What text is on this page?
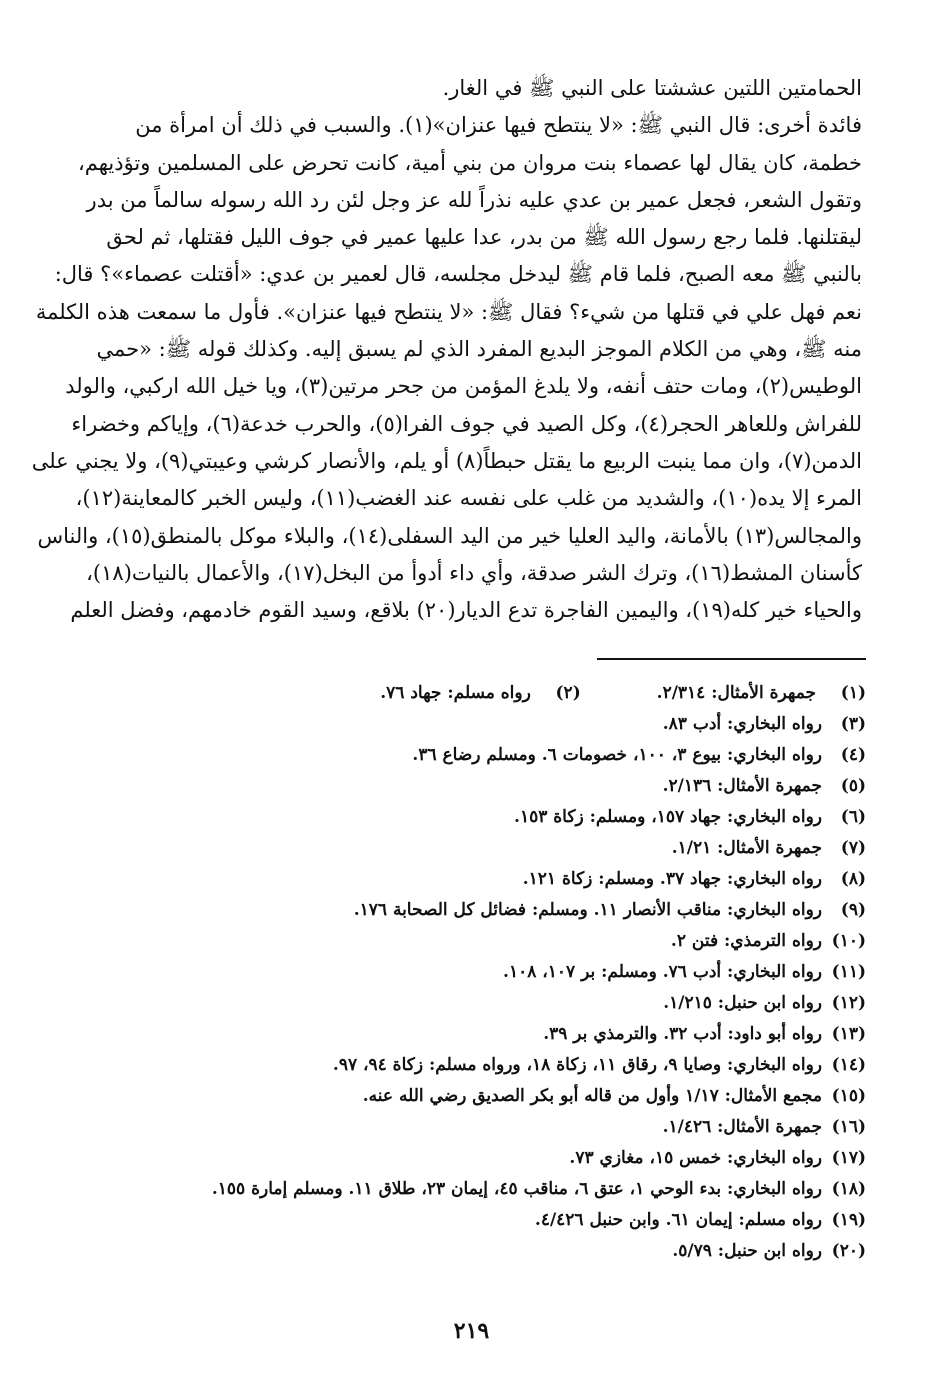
الحمامتين اللتين عششتا على النبي ﷺ في الغار.
فائدة أخرى: قال النبي ﷺ: «لا ينتطح فيها عنزان»(١). والسبب في ذلك أن امرأة من
خطمة، كان يقال لها عصماء بنت مروان من بني أمية، كانت تحرض على المسلمين وتؤذيهم،
وتقول الشعر، فجعل عمير بن عدي عليه نذراً لله عز وجل لئن رد الله رسوله سالماً من بدر
ليقتلنها. فلما رجع رسول الله ﷺ من بدر، عدا عليها عمير في جوف الليل فقتلها، ثم لحق
بالنبي ﷺ معه الصبح، فلما قام ﷺ ليدخل مجلسه، قال لعمير بن عدي: «أقتلت عصماء»؟ قال:
نعم فهل علي في قتلها من شيء؟ فقال ﷺ: «لا ينتطح فيها عنزان». فأول ما سمعت هذه الكلمة
منه ﷺ، وهي من الكلام الموجز البديع المفرد الذي لم يسبق إليه. وكذلك قوله ﷺ: «حمي
الوطيس(٢)، ومات حتف أنفه، ولا يلدغ المؤمن من جحر مرتين(٣)، ويا خيل الله اركبي، والولد
للفراش وللعاهر الحجر(٤)، وكل الصيد في جوف الفرا(٥)، والحرب خدعة(٦)، وإياكم وخضراء
الدمن(٧)، وان مما ينبت الربيع ما يقتل حبطاً(٨) أو يلم، والأنصار كرشي وعيبتي(٩)، ولا يجني على
المرء إلا يده(١٠)، والشديد من غلب على نفسه عند الغضب(١١)، وليس الخبر كالمعاينة(١٢)،
والمجالس(١٣) بالأمانة، واليد العليا خير من اليد السفلى(١٤)، والبلاء موكل بالمنطق(١٥)، والناس
كأسنان المشط(١٦)، وترك الشر صدقة، وأي داء أدوأ من البخل(١٧)، والأعمال بالنيات(١٨)،
والحياء خير كله(١٩)، واليمين الفاجرة تدع الديار(٢٠) بلاقع، وسيد القوم خادمهم، وفضل العلم
(١) جمهرة الأمثال: ٢/٣١٤. (٢) رواه مسلم: جهاد ٧٦.
(٣)رواه البخاري: أدب ٨٣.
(٤)رواه البخاري: بيوع ٣، ١٠٠، خصومات ٦. ومسلم رضاع ٣٦.
(٥)جمهرة الأمثال: ٢/١٣٦.
(٦)رواه البخاري: جهاد ١٥٧، ومسلم: زكاة ١٥٣.
(٧)جمهرة الأمثال: ١/٢١.
(٨)رواه البخاري: جهاد ٣٧. ومسلم: زكاة ١٢١.
(٩)رواه البخاري: مناقب الأنصار ١١. ومسلم: فضائل كل الصحابة ١٧٦.
(١٠)رواه الترمذي: فتن ٢.
(١١)رواه البخاري: أدب ٧٦. ومسلم: بر ١٠٧، ١٠٨.
(١٢)رواه ابن حنبل: ١/٢١٥.
(١٣)رواه أبو داود: أدب ٣٢. والترمذي بر ٣٩.
(١٤)رواه البخاري: وصايا ٩، رقاق ١١، زكاة ١٨، ورواه مسلم: زكاة ٩٤، ٩٧.
(١٥)مجمع الأمثال: ١/١٧ وأول من قاله أبو بكر الصديق رضي الله عنه.
(١٦)جمهرة الأمثال: ١/٤٢٦.
(١٧)رواه البخاري: خمس ١٥، مغازي ٧٣.
(١٨)رواه البخاري: بدء الوحي ١، عتق ٦، مناقب ٤٥، إيمان ٢٣، طلاق ١١. ومسلم إمارة ١٥٥.
(١٩)رواه مسلم: إيمان ٦١. وابن حنبل ٤/٤٢٦.
(٢٠)رواه ابن حنبل: ٥/٧٩.
٢١٩
